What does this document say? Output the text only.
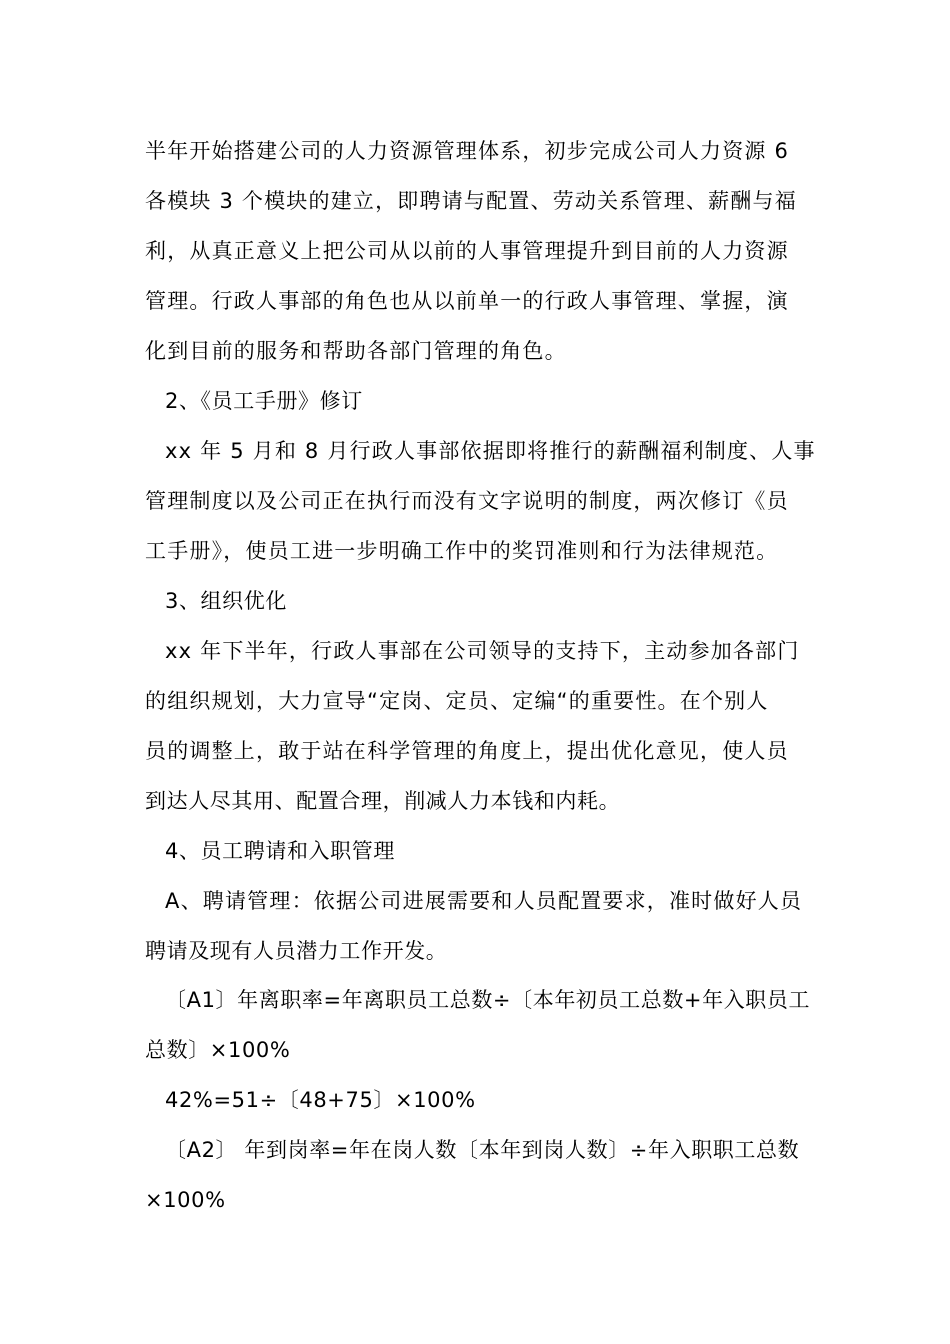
半年开始搭建公司的人力资源管理体系，初步完成公司人力资源 6
各模块 3 个模块的建立，即聘请与配置、劳动关系管理、薪酬与福
利，从真正意义上把公司从以前的人事管理提升到目前的人力资源
管理。行政人事部的角色也从以前单一的行政人事管理、掌握，演
化到目前的服务和帮助各部门管理的角色。
2、《员工手册》修订
xx 年 5 月和 8 月行政人事部依据即将推行的薪酬福利制度、人事
管理制度以及公司正在执行而没有文字说明的制度，两次修订《员
工手册》，使员工进一步明确工作中的奖罚准则和行为法律规范。
3、组织优化
xx 年下半年，行政人事部在公司领导的支持下，主动参加各部门
的组织规划，大力宣导“定岗、定员、定编“的重要性。在个别人
员的调整上，敢于站在科学管理的角度上，提出优化意见，使人员
到达人尽其用、配置合理，削减人力本钱和内耗。
4、员工聘请和入职管理
A、聘请管理：依据公司进展需要和人员配置要求，准时做好人员
聘请及现有人员潜力工作开发。
〔A1〕年离职率=年离职员工总数÷〔本年初员工总数+年入职员工
总数〕×100%
42%=51÷〔48+75〕×100%
〔A2〕 年到岗率=年在岗人数〔本年到岗人数〕÷年入职职工总数
×100%
